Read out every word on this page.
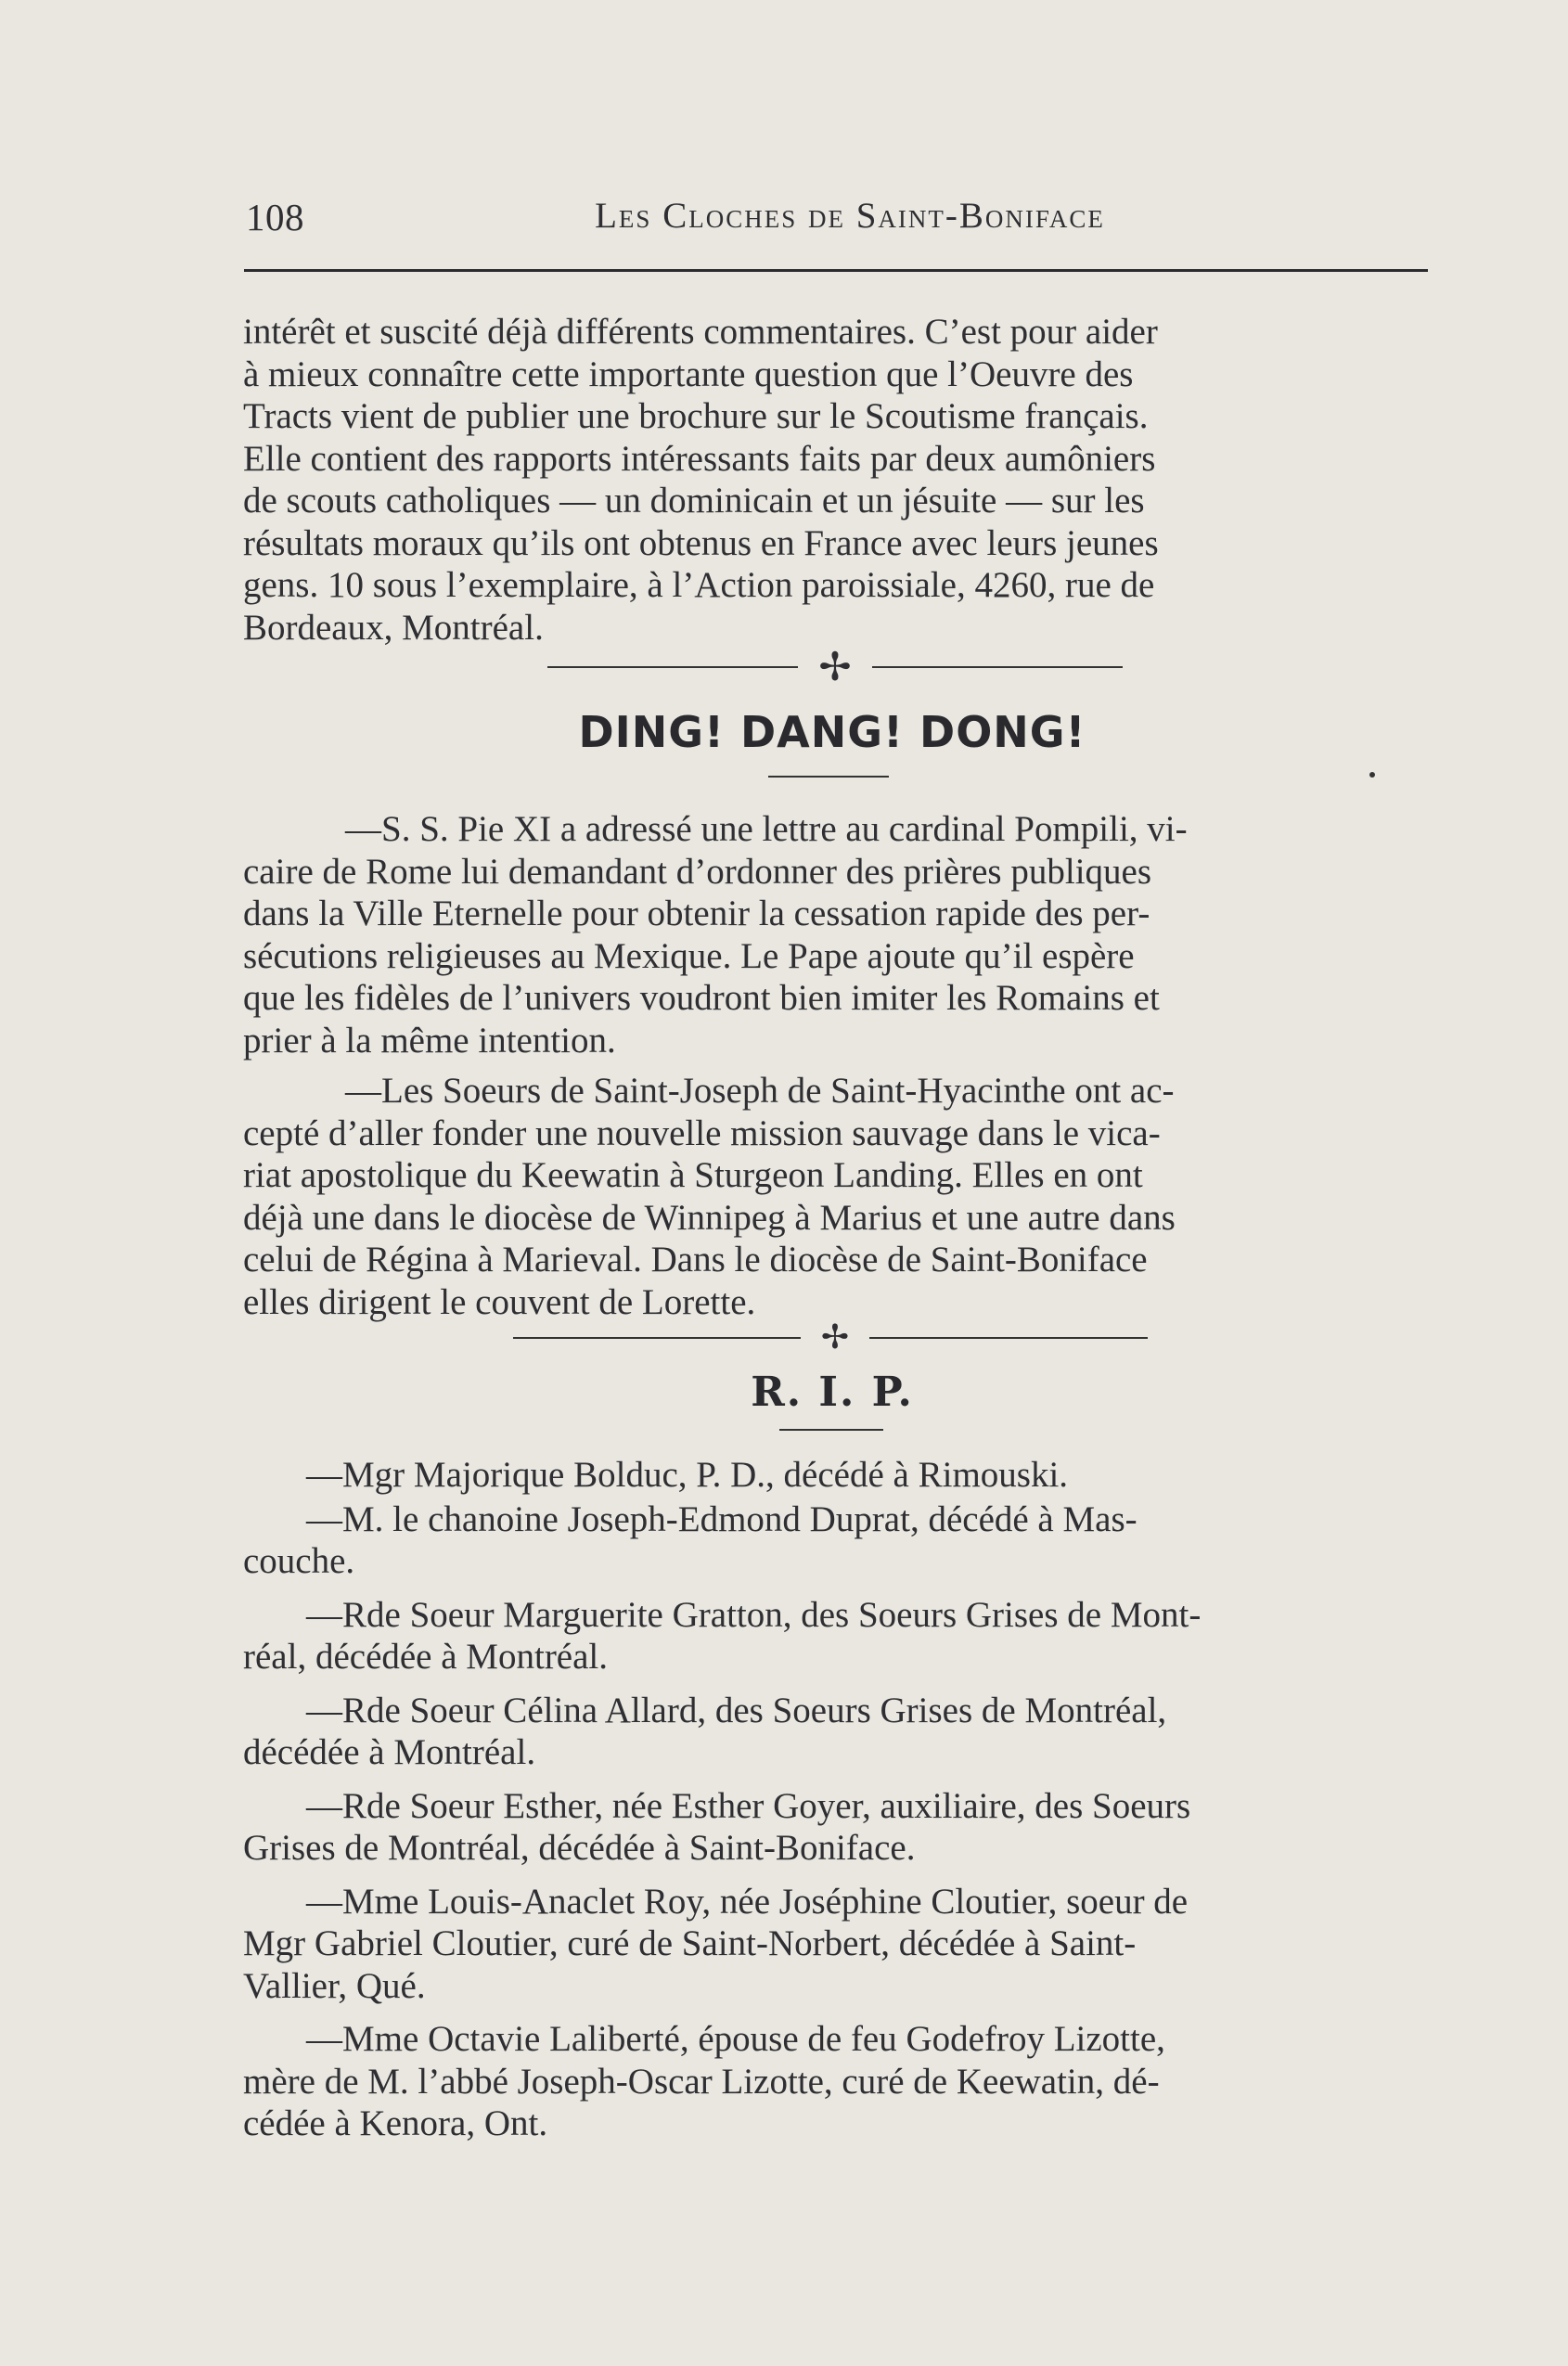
108	Les Cloches de Saint-Boniface
intérêt et suscité déjà différents commentaires. C’est pour aider
à mieux connaître cette importante question que l’Oeuvre des
Tracts vient de publier une brochure sur le Scoutisme français.
Elle contient des rapports intéressants faits par deux aumôniers
de scouts catholiques — un dominicain et un jésuite — sur les
résultats moraux qu’ils ont obtenus en France avec leurs jeunes
gens. 10 sous l’exemplaire, à l’Action paroissiale, 4260, rue de
Bordeaux, Montréal.
✢
DING! DANG! DONG!
—S. S. Pie XI a adressé une lettre au cardinal Pompili, vi-
caire de Rome lui demandant d’ordonner des prières publiques
dans la Ville Eternelle pour obtenir la cessation rapide des per-
sécutions religieuses au Mexique. Le Pape ajoute qu’il espère
que les fidèles de l’univers voudront bien imiter les Romains et
prier à la même intention.
—Les Soeurs de Saint-Joseph de Saint-Hyacinthe ont ac-
cepté d’aller fonder une nouvelle mission sauvage dans le vica-
riat apostolique du Keewatin à Sturgeon Landing. Elles en ont
déjà une dans le diocèse de Winnipeg à Marius et une autre dans
celui de Régina à Marieval. Dans le diocèse de Saint-Boniface
elles dirigent le couvent de Lorette.
✢
R. I. P.
—Mgr Majorique Bolduc, P. D., décédé à Rimouski.
—M. le chanoine Joseph-Edmond Duprat, décédé à Mas-
couche.
—Rde Soeur Marguerite Gratton, des Soeurs Grises de Mont-
réal, décédée à Montréal.
—Rde Soeur Célina Allard, des Soeurs Grises de Montréal,
décédée à Montréal.
—Rde Soeur Esther, née Esther Goyer, auxiliaire, des Soeurs
Grises de Montréal, décédée à Saint-Boniface.
—Mme Louis-Anaclet Roy, née Joséphine Cloutier, soeur de
Mgr Gabriel Cloutier, curé de Saint-Norbert, décédée à Saint-
Vallier, Qué.
—Mme Octavie Laliberté, épouse de feu Godefroy Lizotte,
mère de M. l’abbé Joseph-Oscar Lizotte, curé de Keewatin, dé-
cédée à Kenora, Ont.
